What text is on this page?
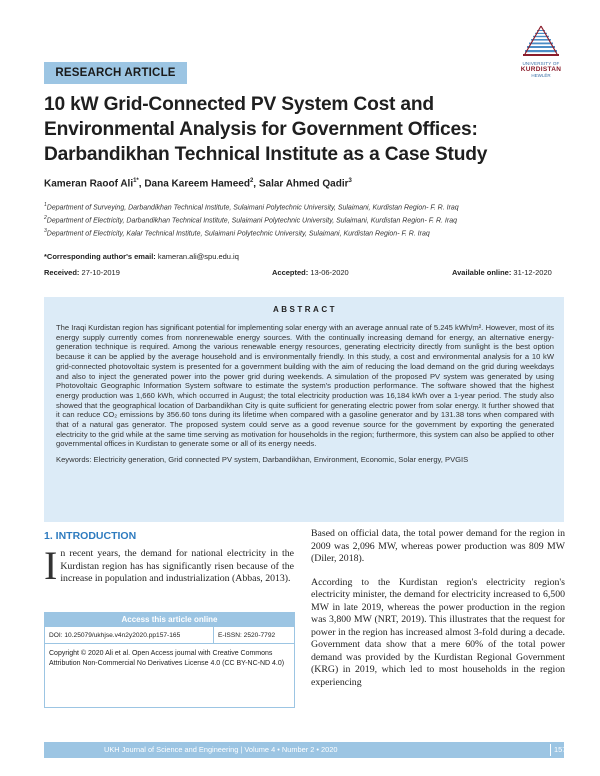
UNIVERSITY OF
KURDISTAN
HEWLÊR
RESEARCH ARTICLE
10 kW Grid-Connected PV System Cost and Environmental Analysis for Government Offices: Darbandikhan Technical Institute as a Case Study
Kameran Raoof Ali$^{1*}$, Dana Kareem Hameed$^2$, Salar Ahmed Qadir$^3$
$^1$Department of Surveying, Darbandikhan Technical Institute, Sulaimani Polytechnic University, Sulaimani, Kurdistan Region- F. R. Iraq
$^2$Department of Electricity, Darbandikhan Technical Institute, Sulaimani Polytechnic University, Sulaimani, Kurdistan Region- F. R. Iraq
$^3$Department of Electricity, Kalar Technical Institute, Sulaimani Polytechnic University, Sulaimani, Kurdistan Region- F. R. Iraq
*Corresponding author's email: kameran.ali@spu.edu.iq
Received: 27-10-2019	Accepted: 13-06-2020	Available online: 31-12-2020
ABSTRACT

The Iraqi Kurdistan region has significant potential for implementing solar energy with an average annual rate of 5.245 kWh/m². However, most of its energy supply currently comes from nonrenewable energy sources. With the continually increasing demand for energy, an alternative energy-generation technique is required. Among the various renewable energy resources, generating electricity directly from sunlight is the best option because it can be applied by the average household and is environmentally friendly. In this study, a cost and environmental analysis for a 10 kW grid-connected photovoltaic system is presented for a government building with the aim of reducing the load demand on the grid during weekdays and also to inject the generated power into the power grid during weekends. A simulation of the proposed PV system was generated by using Photovoltaic Geographic Information System software to estimate the system's production performance. The software showed that the highest energy production was 1,660 kWh, which occurred in August; the total electricity production was 16,184 kWh over a 1-year period. The study also showed that the geographical location of Darbandikhan City is quite sufficient for generating electric power from solar energy. It further showed that it can reduce CO₂ emissions by 356.60 tons during its lifetime when compared with a gasoline generator and by 131.38 tons when compared with that of a natural gas generator. The proposed system could serve as a good revenue source for the government by exporting the generated electricity to the grid while at the same time serving as motivation for households in the region; furthermore, this system can also be applied to other governmental offices in Kurdistan to generate some or all of its energy needs.

Keywords: Electricity generation, Grid connected PV system, Darbandikhan, Environment, Economic, Solar energy, PVGIS
1. INTRODUCTION
In recent years, the demand for national electricity in the Kurdistan region has has significantly risen because of the increase in population and industrialization (Abbas, 2013).
Access this article online
DOI: 10.25079/ukhjse.v4n2y2020.pp157-165	E-ISSN: 2520-7792
Copyright © 2020 Ali et al. Open Access journal with Creative Commons Attribution Non-Commercial No Derivatives License 4.0 (CC BY-NC-ND 4.0)

Based on official data, the total power demand for the region in 2009 was 2,096 MW, whereas power production was 809 MW (Diler, 2018).

According to the Kurdistan region's electricity region's electricity minister, the demand for electricity increased to 6,500 MW in late 2019, whereas the power production in the region was 3,800 MW (NRT, 2019). This illustrates that the request for power in the region has increased almost 3-fold during a decade. Government data show that a mere 60% of the total power demand was provided by the Kurdistan Regional Government (KRG) in 2019, which led to most households in the region experiencing

UKH Journal of Science and Engineering | Volume 4 • Number 2 • 2020	157
